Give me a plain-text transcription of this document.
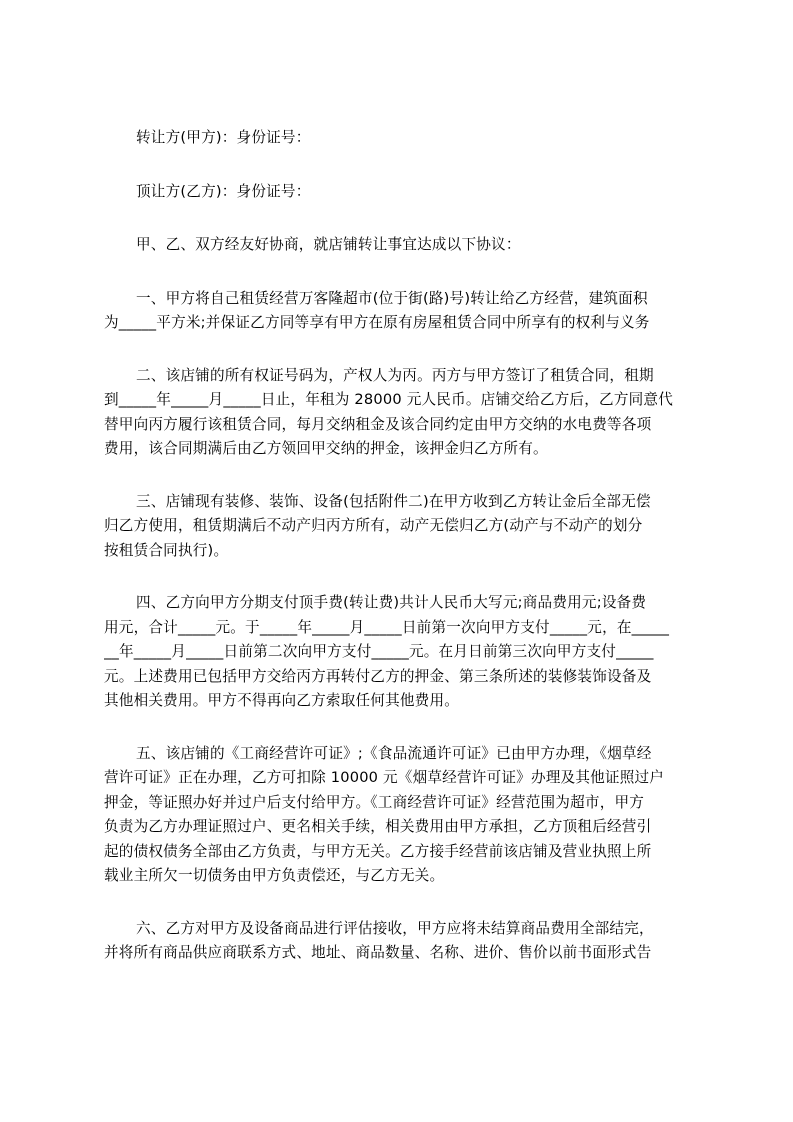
转让方(甲方)：身份证号：
顶让方(乙方)：身份证号：
甲、乙、双方经友好协商，就店铺转让事宜达成以下协议：
一、甲方将自己租赁经营万客隆超市(位于街(路)号)转让给乙方经营，建筑面积
为_____平方米;并保证乙方同等享有甲方在原有房屋租赁合同中所享有的权利与义务
二、该店铺的所有权证号码为，产权人为丙。丙方与甲方签订了租赁合同，租期
到_____年_____月_____日止，年租为 28000 元人民币。店铺交给乙方后，乙方同意代
替甲向丙方履行该租赁合同，每月交纳租金及该合同约定由甲方交纳的水电费等各项
费用，该合同期满后由乙方领回甲交纳的押金，该押金归乙方所有。
三、店铺现有装修、装饰、设备(包括附件二)在甲方收到乙方转让金后全部无偿
归乙方使用，租赁期满后不动产归丙方所有，动产无偿归乙方(动产与不动产的划分
按租赁合同执行)。
四、乙方向甲方分期支付顶手费(转让费)共计人民币大写元;商品费用元;设备费
用元，合计_____元。于_____年_____月_____日前第一次向甲方支付_____元，在_____
__年_____月_____日前第二次向甲方支付_____元。在月日前第三次向甲方支付_____
元。上述费用已包括甲方交给丙方再转付乙方的押金、第三条所述的装修装饰设备及
其他相关费用。甲方不得再向乙方索取任何其他费用。
五、该店铺的《工商经营许可证》;《食品流通许可证》已由甲方办理，《烟草经
营许可证》正在办理，乙方可扣除 10000 元《烟草经营许可证》办理及其他证照过户
押金，等证照办好并过户后支付给甲方。《工商经营许可证》经营范围为超市，甲方
负责为乙方办理证照过户、更名相关手续，相关费用由甲方承担，乙方顶租后经营引
起的债权债务全部由乙方负责，与甲方无关。乙方接手经营前该店铺及营业执照上所
载业主所欠一切债务由甲方负责偿还，与乙方无关。
六、乙方对甲方及设备商品进行评估接收，甲方应将未结算商品费用全部结完，
并将所有商品供应商联系方式、地址、商品数量、名称、进价、售价以前书面形式告
